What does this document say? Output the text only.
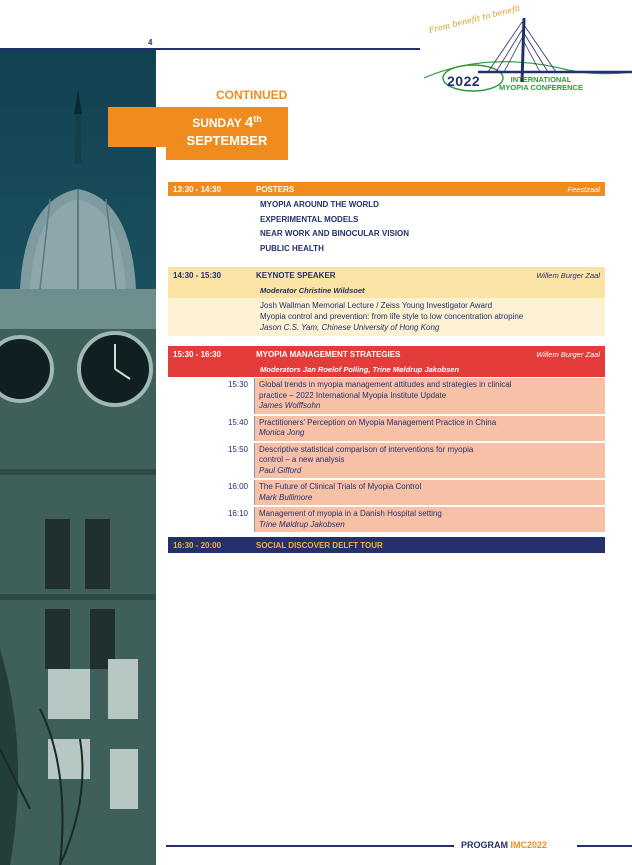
4
From benefit to benefit
2022	INTERNATIONAL
MYOPIA CONFERENCE
CONTINUED
SUNDAY 4th
SEPTEMBER
13:30 - 14:30	POSTERS	Feestzaal
MYOPIA AROUND THE WORLD
EXPERIMENTAL MODELS
NEAR WORK AND BINOCULAR VISION
PUBLIC HEALTH
14:30 - 15:30	KEYNOTE SPEAKER	Willem Burger Zaal
Moderator Christine Wildsoet
Josh Wallman Memorial Lecture / Zeiss Young Investigator Award
Myopia control and prevention: from life style to low concentration atropine
Jason C.S. Yam, Chinese University of Hong Kong
15:30 - 16:30	MYOPIA MANAGEMENT STRATEGIES	Willem Burger Zaal
Moderators Jan Roelof Polling, Trine Møldrup Jakobsen
15:30	Global trends in myopia management attitudes and strategies in clinical
practice – 2022 International Myopia Institute Update
James Wolffsohn
15:40	Practitioners’ Perception on Myopia Management Practice in China
Monica Jong
15:50	Descriptive statistical comparison of interventions for myopia
control – a new analysis
Paul Gifford
16:00	The Future of Clinical Trials of Myopia Control
Mark Bullimore
16:10	Management of myopia in a Danish Hospital setting
Trine Møldrup Jakobsen
16:30 - 20:00	SOCIAL DISCOVER DELFT TOUR
PROGRAM IMC2022
